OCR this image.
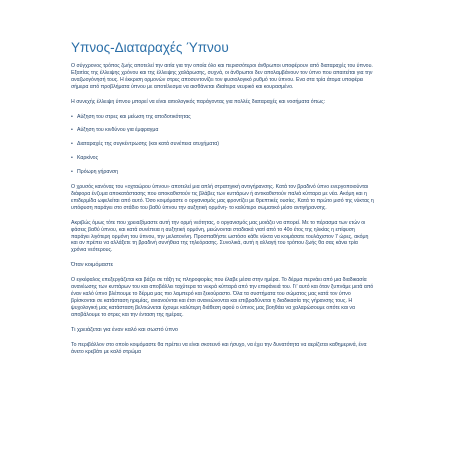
Υπνος-Διαταραχές Ύπνου

Ο σύγχρονος τρόπος ζωής αποτελεί την αιτία για την οποία όλο και περισσότεροι άνθρωποι υποφέρουν από διαταραχές του ύπνου. Εξαιτίας της έλλειψης χρόνου και της έλλειψης χαλάρωσης, συχνά, οι άνθρωποι δεν απολαμβάνουν τον ύπνο που απαιτείται για την αναζωογόνησή τους. Η έκκριση ορμονών στρες αποσυντονίζει τον φυσιολογικό ρυθμό του ύπνου. Ενα στα τρία άτομα υποφέρει σήμερα από προβλήματα ύπνου με αποτέλεσμα να αισθάνεται ιδιαίτερα νευρικό και κουρασμένο.

Η συνεχής έλλειψη ύπνου μπορεί να είναι αιτιολογικός παράγοντας για πολλές διαταραχές και νοσήματα όπως:

• Αύξηση του στρες και μείωση της αποδοτικότητας
• Αύξηση του κινδύνου για έμφραγμα
• Διαταραχές της συγκέντρωσης (και κατά συνέπεια ατυχήματα)
• Καρκίνος
• Πρόωρη γήρανση

Ο χρυσός κανόνας του «οχταώρου ύπνου» αποτελεί μια απλή στρατηγική αντιγήρανσης. Κατά τον βραδινό ύπνο ενεργοποιούνται διάφορα ένζυμα αποκατάστασης που αποκαθιστούν τις βλάβες των κυττάρων ή αντικαθιστούν παλιά κύτταρα με νέα. Ακόμη και η επιδερμίδα ωφελείται από αυτό. Όσο κοιμόμαστε ο οργανισμός μας φροντίζει με θρεπτικές ουσίες. Κατά το πρώτο μισό της νύκτας η υπόφυση παράγει στο στάδιο του βαθύ ύπνου την αυξητική ορμόνη- το καλύτερο σωματικό μέσο αντιγήρανσης.

Ακριβώς όμως τότε που χρειαζόμαστε αυτή την ορμή νεότητας, ο οργανισμός μας μοιάζει να απορεί. Με το πέρασμα των ετών οι φάσεις βαθύ ύπνου, και κατά συνέπεια η αυξητική ορμόνη, μειώνονται σταδιακά γιατί από το 40ο έτος της ηλικίας η επίφυση παράγει λιγότερη ορμόνη του ύπνου, την μελατονίνη. Προσπαθήστε ωστόσο κάθε νύκτα να κοιμάσατε τουλάχιστον 7 ώρες, ακόμη και αν πρέπει να αλλάξετε τη βραδινή συνήθεια της τηλεόρασης. Συνολικά, αυτή η αλλαγή του τρόπου ζωής θα σας κάνει τρία χρόνια νεότερους.

Όταν κοιμόμαστε

Ο εγκέφαλος επεξεργάζεται και βάζει σε τάξη τις πληροφορίες που έλαβε μέσα στην ημέρα. Το δέρμα περνάει από μια διαδικασία ανανέωσης των κυττάρων του και αποβάλλει ταχύτερα τα νεκρά κύτταρά από την επιφάνειά του. Γι' αυτό και όταν ξυπνάμε μετά από έναν καλό ύπνο βλέπουμε το δέρμα μας πιο λαμπερό και ξεκούραστο. Όλα τα συστήματα του σώματος μας κατά τον ύπνο βρίσκονται σε κατάσταση ηρεμίας, ανιανούνται και έτσι ανανεώνονται και επιβραδύνεται η διαδικασία της γήρανσης τους. Η ψυχολογική μας κατάσταση βελτιώνεται έχουμε καλύτερη διάθεση αφού ο ύπνος μας βοηθάει να χαλαρώσουμε οπότε και να αποβάλουμε το στρες και την ένταση της ημέρας.

Τι χρειάζεται για έναν καλό και σωστό ύπνο

Το περιβάλλον στο οποίο κοιμόμαστε θα πρέπει να είναι σκοτεινό και ήσυχο, να έχει την δυνατότητα να αερίζεται καθημερινά, ένα άνετο κρεβάτι με καλό στρώμα
